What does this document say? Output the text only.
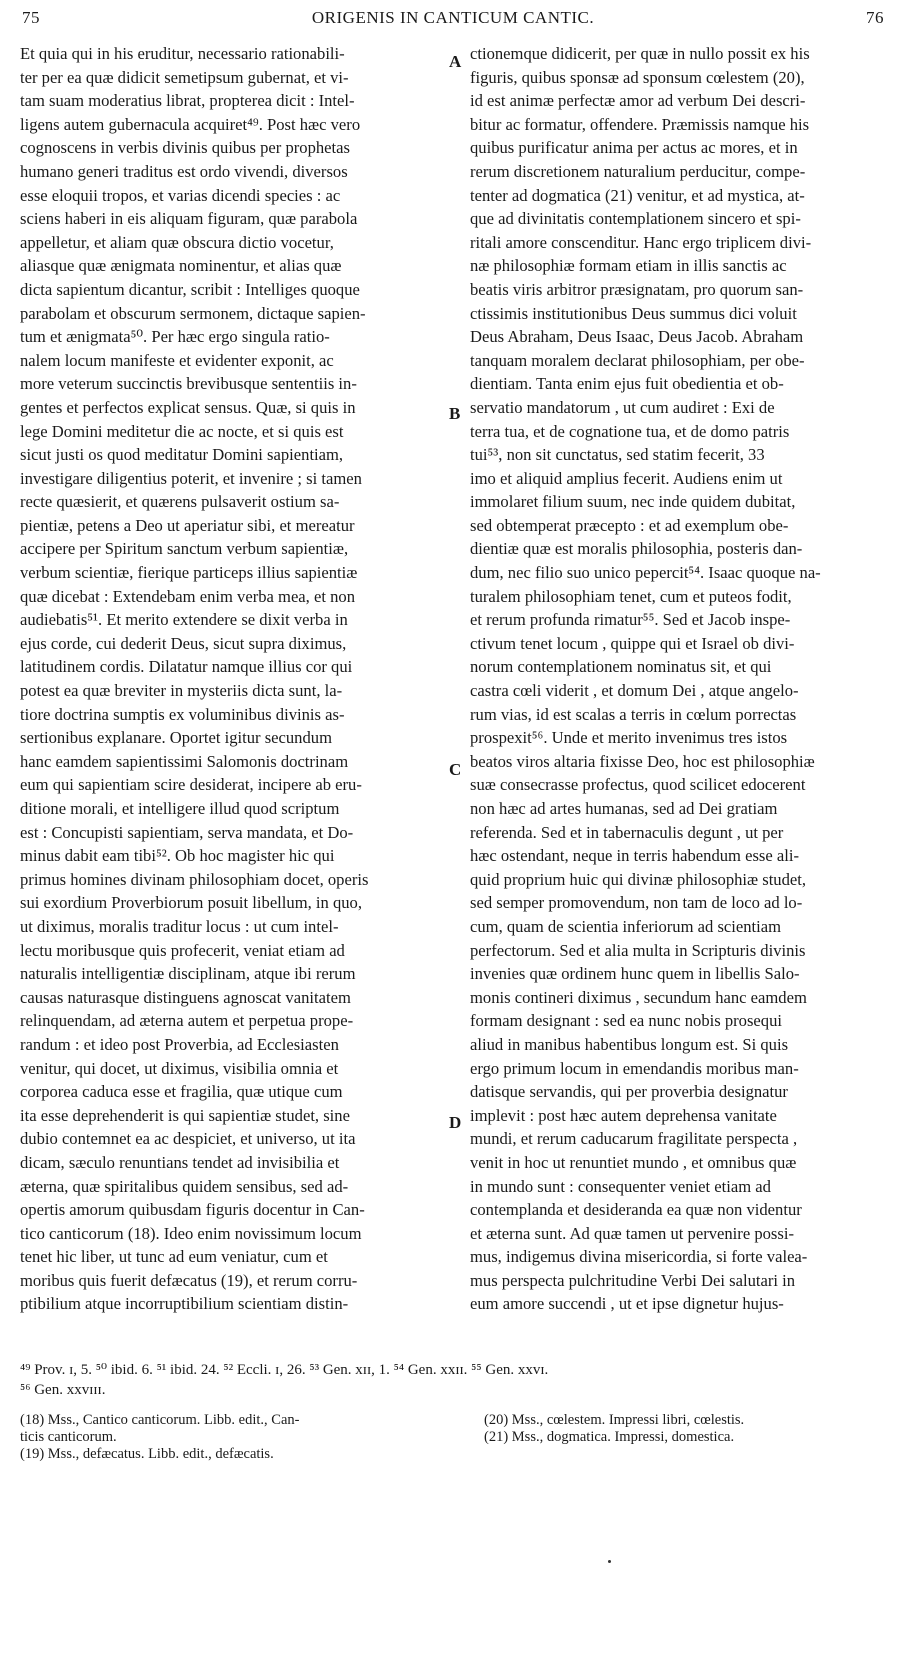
75	ORIGENIS IN CANTICUM CANTIC.	76
Et quia qui in his eruditur, necessario rationabili-
ter per ea quæ didicit semetipsum gubernat, et vi-
tam suam moderatius librat, propterea dicit : Intel-
ligens autem gubernacula acquiret⁴⁹. Post hæc vero
cognoscens in verbis divinis quibus per prophetas
humano generi traditus est ordo vivendi, diversos
esse eloquii tropos, et varias dicendi species : ac
sciens haberi in eis aliquam figuram, quæ parabola
appelletur, et aliam quæ obscura dictio vocetur,
aliasque quæ ænigmata nominentur, et alias quæ
dicta sapientum dicantur, scribit : Intelliges quoque
parabolam et obscurum sermonem, dictaque sapien-
tum et ænigmata⁵⁰. Per hæc ergo singula ratio-
nalem locum manifeste et evidenter exponit, ac
more veterum succinctis brevibusque sententiis in-
gentes et perfectos explicat sensus. Quæ, si quis in
lege Domini meditetur die ac nocte, et si quis est
sicut justi os quod meditatur Domini sapientiam,
investigare diligentius poterit, et invenire ; si tamen
recte quæsierit, et quærens pulsaverit ostium sa-
pientiæ, petens a Deo ut aperiatur sibi, et mereatur
accipere per Spiritum sanctum verbum sapientiæ,
verbum scientiæ, fierique particeps illius sapientiæ
quæ dicebat : Extendebam enim verba mea, et non
audiebatis⁵¹. Et merito extendere se dixit verba in
ejus corde, cui dederit Deus, sicut supra diximus,
latitudinem cordis. Dilatatur namque illius cor qui
potest ea quæ breviter in mysteriis dicta sunt, la-
tiore doctrina sumptis ex voluminibus divinis as-
sertionibus explanare. Oportet igitur secundum
hanc eamdem sapientissimi Salomonis doctrinam
eum qui sapientiam scire desiderat, incipere ab eru-
ditione morali, et intelligere illud quod scriptum
est : Concupisti sapientiam, serva mandata, et Do-
minus dabit eam tibi⁵². Ob hoc magister hic qui
primus homines divinam philosophiam docet, operis
sui exordium Proverbiorum posuit libellum, in quo,
ut diximus, moralis traditur locus : ut cum intel-
lectu moribusque quis profecerit, veniat etiam ad
naturalis intelligentiæ disciplinam, atque ibi rerum
causas naturasque distinguens agnoscat vanitatem
relinquendam, ad æterna autem et perpetua prope-
randum : et ideo post Proverbia, ad Ecclesiasten
venitur, qui docet, ut diximus, visibilia omnia et
corporea caduca esse et fragilia, quæ utique cum
ita esse deprehenderit is qui sapientiæ studet, sine
dubio contemnet ea ac despiciet, et universo, ut ita
dicam, sæculo renuntians tendet ad invisibilia et
æterna, quæ spiritalibus quidem sensibus, sed ad-
opertis amorum quibusdam figuris docentur in Can-
tico canticorum (18). Ideo enim novissimum locum
tenet hic liber, ut tunc ad eum veniatur, cum et
moribus quis fuerit defæcatus (19), et rerum corru-
ptibilium atque incorruptibilium scientiam distin-
ctionemque didicerit, per quæ in nullo possit ex his
figuris, quibus sponsæ ad sponsum cœlestem (20),
id est animæ perfectæ amor ad verbum Dei descri-
bitur ac formatur, offendere. Præmissis namque his
quibus purificatur anima per actus ac mores, et in
rerum discretionem naturalium perducitur, compe-
tenter ad dogmatica (21) venitur, et ad mystica, at-
que ad divinitatis contemplationem sincero et spi-
ritali amore conscenditur. Hanc ergo triplicem divi-
næ philosophiæ formam etiam in illis sanctis ac
beatis viris arbitror præsignatam, pro quorum san-
ctissimis institutionibus Deus summus dici voluit
Deus Abraham, Deus Isaac, Deus Jacob. Abraham
tanquam moralem declarat philosophiam, per obe-
dientiam. Tanta enim ejus fuit obedientia et ob-
servatio mandatorum , ut cum audiret : Exi de
terra tua, et de cognatione tua, et de domo patris
tui⁵³, non sit cunctatus, sed statim fecerit, 33
imo et aliquid amplius fecerit. Audiens enim ut
immolaret filium suum, nec inde quidem dubitat,
sed obtemperat præcepto : et ad exemplum obe-
dientiæ quæ est moralis philosophia, posteris dan-
dum, nec filio suo unico pepercit⁵⁴. Isaac quoque na-
turalem philosophiam tenet, cum et puteos fodit,
et rerum profunda rimatur⁵⁵. Sed et Jacob inspe-
ctivum tenet locum , quippe qui et Israel ob divi-
norum contemplationem nominatus sit, et qui
castra cœli viderit , et domum Dei , atque angelo-
rum vias, id est scalas a terris in cœlum porrectas
prospexit⁵⁶. Unde et merito invenimus tres istos
beatos viros altaria fixisse Deo, hoc est philosophiæ
suæ consecrasse profectus, quod scilicet edocerent
non hæc ad artes humanas, sed ad Dei gratiam
referenda. Sed et in tabernaculis degunt , ut per
hæc ostendant, neque in terris habendum esse ali-
quid proprium huic qui divinæ philosophiæ studet,
sed semper promovendum, non tam de loco ad lo-
cum, quam de scientia inferiorum ad scientiam
perfectorum. Sed et alia multa in Scripturis divinis
invenies quæ ordinem hunc quem in libellis Salo-
monis contineri diximus , secundum hanc eamdem
formam designant : sed ea nunc nobis prosequi
aliud in manibus habentibus longum est. Si quis
ergo primum locum in emendandis moribus man-
datisque servandis, qui per proverbia designatur
implevit : post hæc autem deprehensa vanitate
mundi, et rerum caducarum fragilitate perspecta ,
venit in hoc ut renuntiet mundo , et omnibus quæ
in mundo sunt : consequenter veniet etiam ad
contemplanda et desideranda ea quæ non videntur
et æterna sunt. Ad quæ tamen ut pervenire possi-
mus, indigemus divina misericordia, si forte valea-
mus perspecta pulchritudine Verbi Dei salutari in
eum amore succendi , ut et ipse dignetur hujus-
A
B
C
D
⁴⁹ Prov. ɪ, 5. ⁵⁰ ibid. 6. ⁵¹ ibid. 24. ⁵² Eccli. ɪ, 26. ⁵³ Gen. xɪɪ, 1. ⁵⁴ Gen. xxɪɪ. ⁵⁵ Gen. xxvɪ.
⁵⁶ Gen. xxvɪɪɪ.
(18) Mss., Cantico canticorum. Libb. edit., Can-
ticis canticorum.
(19) Mss., defæcatus. Libb. edit., defæcatis.
(20) Mss., cœlestem. Impressi libri, cœlestis.
(21) Mss., dogmatica. Impressi, domestica.
